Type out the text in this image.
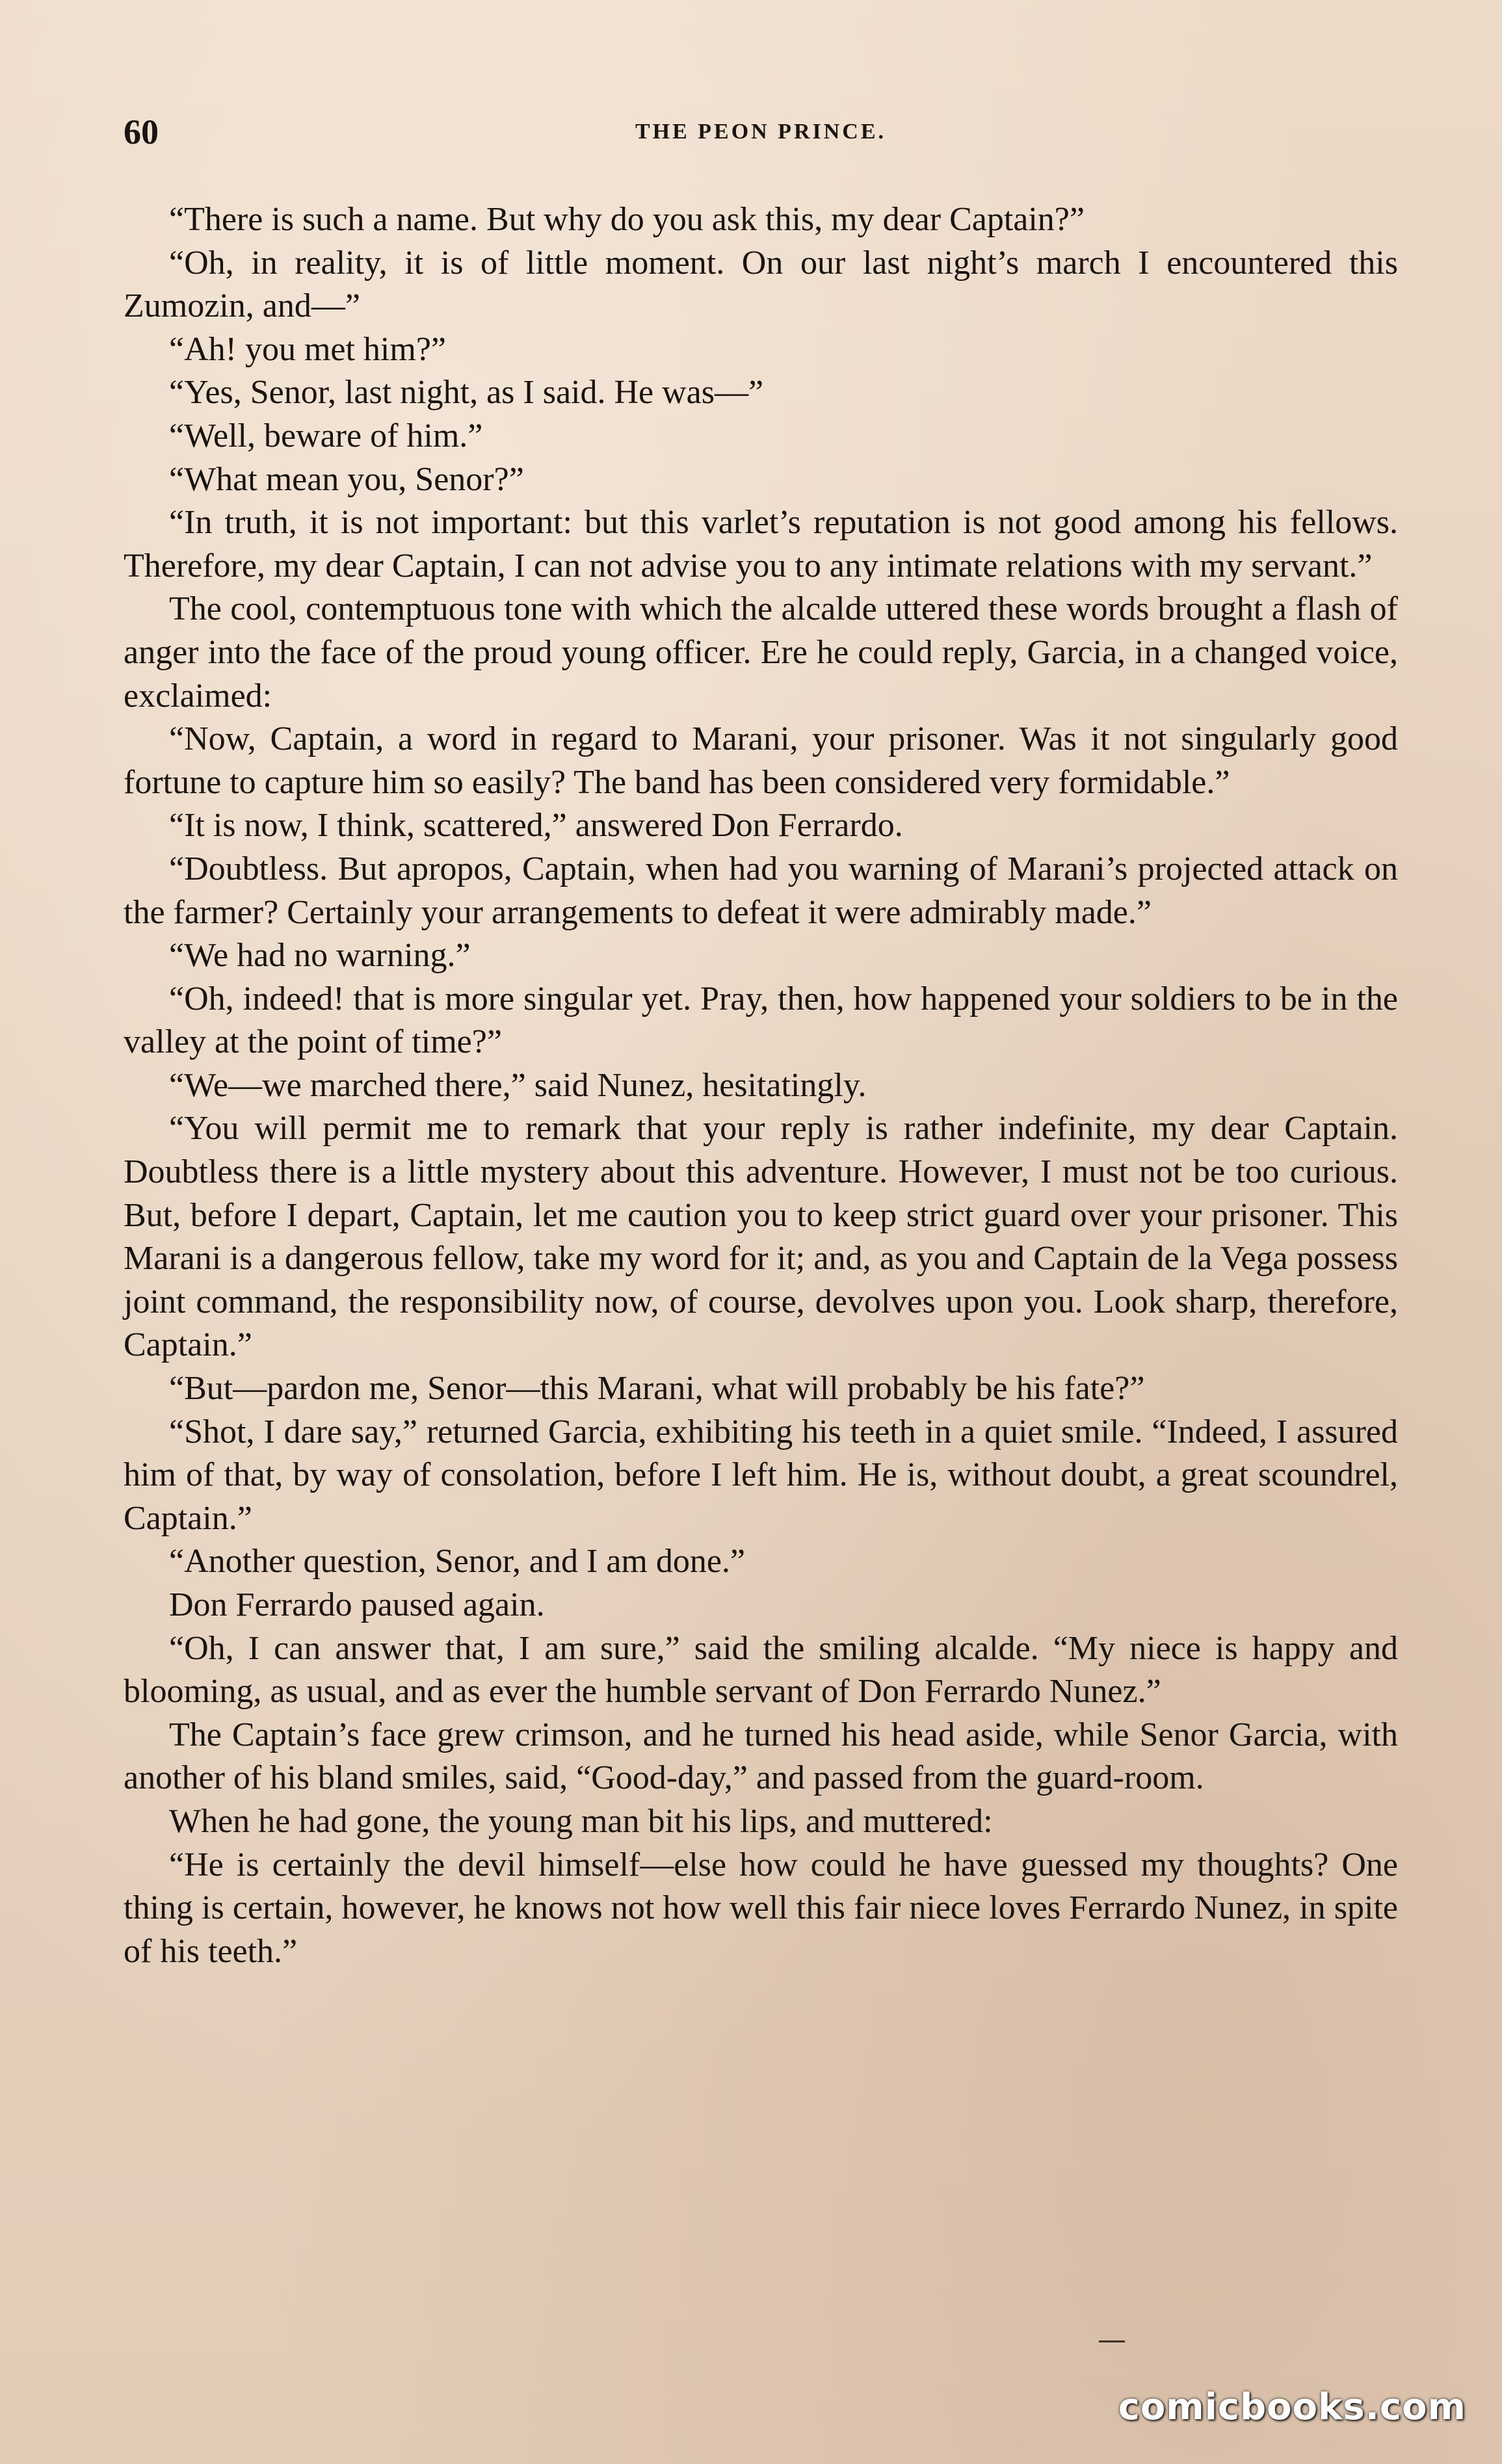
60	THE PEON PRINCE.

“There is such a name. But why do you ask this, my dear Captain?”

“Oh, in reality, it is of little moment. On our last night’s march I encountered this Zumozin, and—”

“Ah! you met him?”

“Yes, Senor, last night, as I said. He was—”

“Well, beware of him.”

“What mean you, Senor?”

“In truth, it is not important: but this varlet’s reputation is not good among his fellows. Therefore, my dear Captain, I can not advise you to any intimate relations with my servant.”

The cool, contemptuous tone with which the alcalde uttered these words brought a flash of anger into the face of the proud young officer. Ere he could reply, Garcia, in a changed voice, exclaimed:

“Now, Captain, a word in regard to Marani, your prisoner. Was it not singularly good fortune to capture him so easily? The band has been considered very formidable.”

“It is now, I think, scattered,” answered Don Ferrardo.

“Doubtless. But apropos, Captain, when had you warning of Marani’s projected attack on the farmer? Certainly your arrangements to defeat it were admirably made.”

“We had no warning.”

“Oh, indeed! that is more singular yet. Pray, then, how happened your soldiers to be in the valley at the point of time?”

“We—we marched there,” said Nunez, hesitatingly.

“You will permit me to remark that your reply is rather indefinite, my dear Captain. Doubtless there is a little mystery about this adventure. However, I must not be too curious. But, before I depart, Captain, let me caution you to keep strict guard over your prisoner. This Marani is a dangerous fellow, take my word for it; and, as you and Captain de la Vega possess joint command, the responsibility now, of course, devolves upon you. Look sharp, therefore, Captain.”

“But—pardon me, Senor—this Marani, what will probably be his fate?”

“Shot, I dare say,” returned Garcia, exhibiting his teeth in a quiet smile. “Indeed, I assured him of that, by way of consolation, before I left him. He is, without doubt, a great scoundrel, Captain.”

“Another question, Senor, and I am done.”

Don Ferrardo paused again.

“Oh, I can answer that, I am sure,” said the smiling alcalde. “My niece is happy and blooming, as usual, and as ever the humble servant of Don Ferrardo Nunez.”

The Captain’s face grew crimson, and he turned his head aside, while Senor Garcia, with another of his bland smiles, said, “Good-day,” and passed from the guard-room.

When he had gone, the young man bit his lips, and muttered:

“He is certainly the devil himself—else how could he have guessed my thoughts? One thing is certain, however, he knows not how well this fair niece loves Ferrardo Nunez, in spite of his teeth.”

comicbooks.com
